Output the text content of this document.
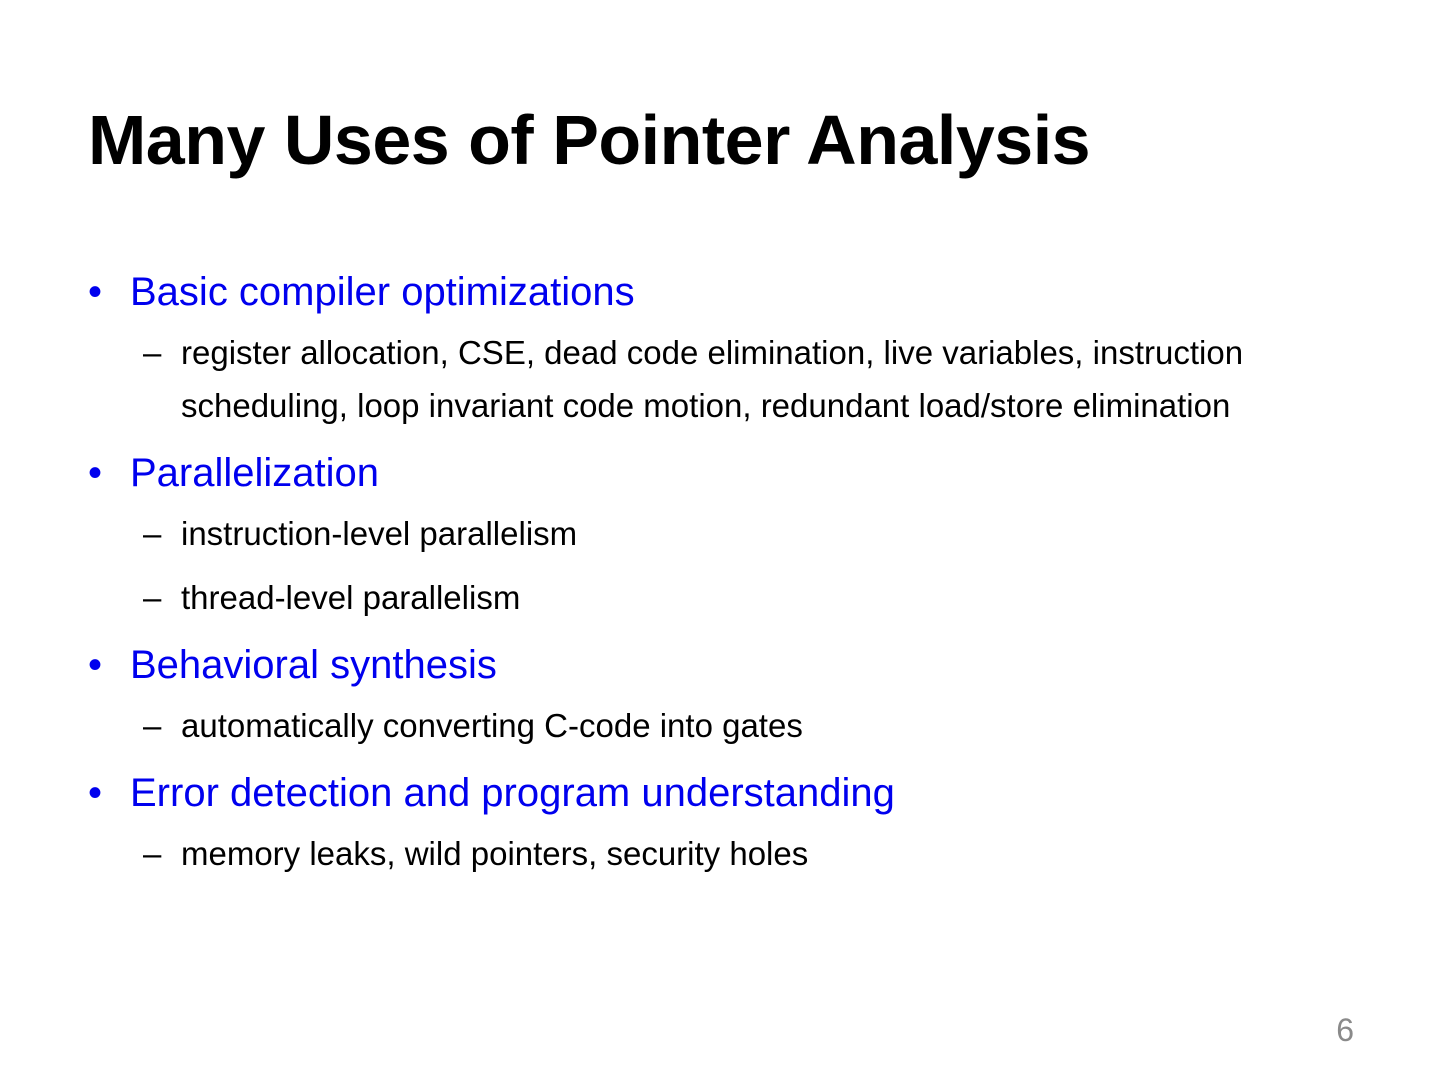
Many Uses of Pointer Analysis
• Basic compiler optimizations
– register allocation, CSE, dead code elimination, live variables, instruction scheduling, loop invariant code motion, redundant load/store elimination
• Parallelization
– instruction-level parallelism
– thread-level parallelism
• Behavioral synthesis
– automatically converting C-code into gates
• Error detection and program understanding
– memory leaks, wild pointers, security holes
6
